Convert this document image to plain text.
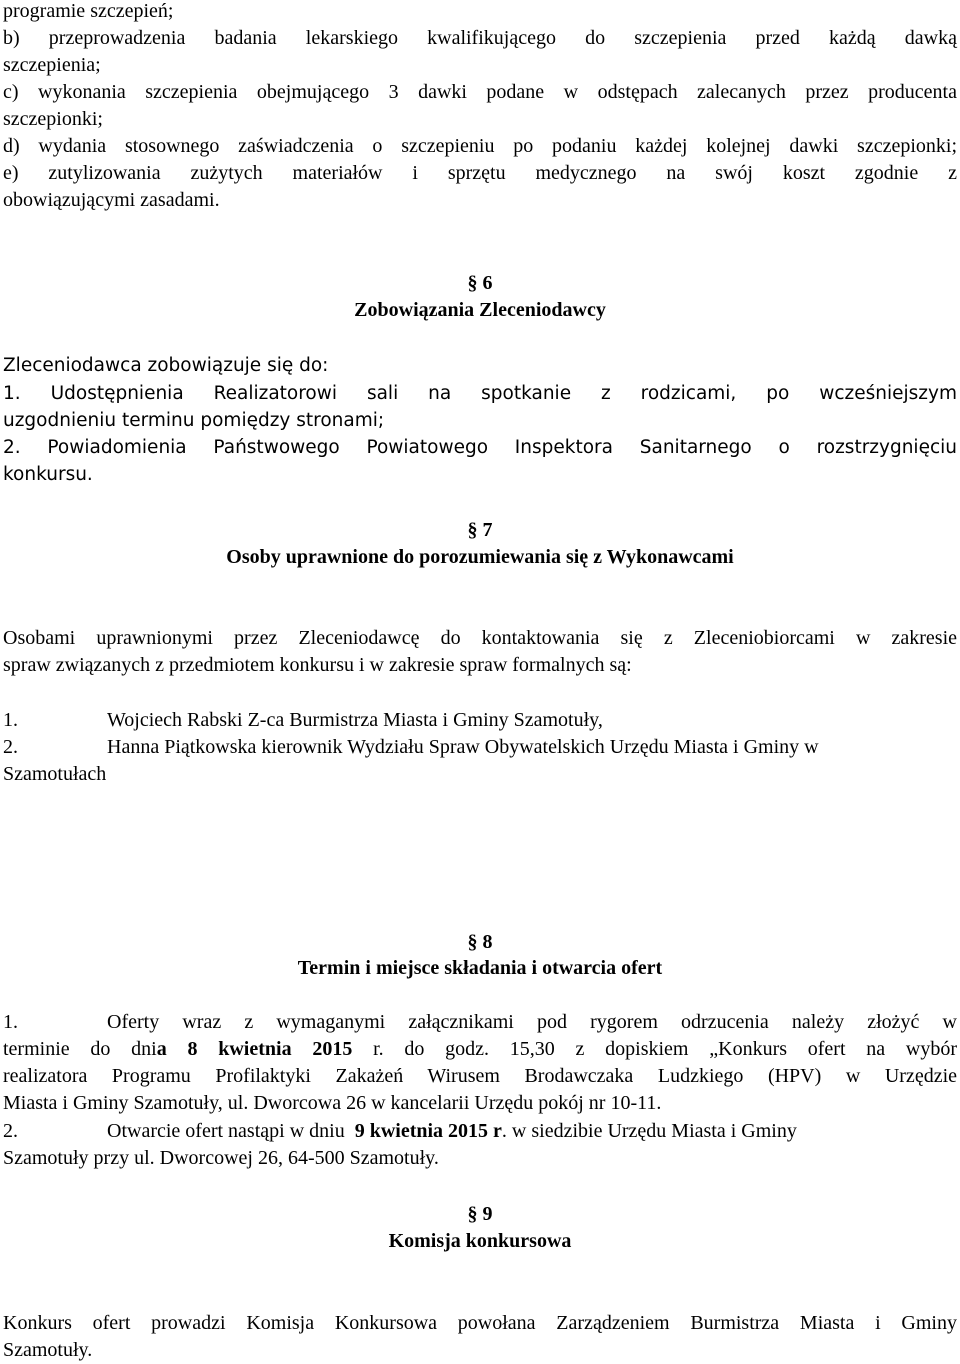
programie szczepień;
b) przeprowadzenia badania lekarskiego kwalifikującego do szczepienia przed każdą dawką
szczepienia;
c) wykonania szczepienia obejmującego 3 dawki podane w odstępach zalecanych przez producenta
szczepionki;
d) wydania stosownego zaświadczenia o szczepieniu po podaniu każdej kolejnej dawki szczepionki;
e) zutylizowania zużytych materiałów i sprzętu medycznego na swój koszt zgodnie z
obowiązującymi zasadami.
§ 6
Zobowiązania Zleceniodawcy
Zleceniodawca zobowiązuje się do:
1. Udostępnienia Realizatorowi sali na spotkanie z rodzicami, po wcześniejszym
uzgodnieniu terminu pomiędzy stronami;
2. Powiadomienia Państwowego Powiatowego Inspektora Sanitarnego o rozstrzygnięciu
konkursu.
§ 7
Osoby uprawnione do porozumiewania się z Wykonawcami
Osobami uprawnionymi przez Zleceniodawcę do kontaktowania się z Zleceniobiorcami w zakresie
spraw związanych z przedmiotem konkursu i w zakresie spraw formalnych są:
1.	Wojciech Rabski Z-ca Burmistrza Miasta i Gminy Szamotuły,
2.	Hanna Piątkowska kierownik Wydziału Spraw Obywatelskich Urzędu Miasta i Gminy w
Szamotułach
§ 8
Termin i miejsce składania i otwarcia ofert
1.	Oferty wraz z wymaganymi załącznikami pod rygorem odrzucenia należy złożyć w
terminie do dnia 8 kwietnia 2015 r. do godz. 15,30 z dopiskiem „Konkurs ofert na wybór
realizatora Programu Profilaktyki Zakażeń Wirusem Brodawczaka Ludzkiego (HPV) w Urzędzie
Miasta i Gminy Szamotuły, ul. Dworcowa 26 w kancelarii Urzędu pokój nr 10-11.
2.	Otwarcie ofert nastąpi w dniu  9 kwietnia 2015 r. w siedzibie Urzędu Miasta i Gminy
Szamotuły przy ul. Dworcowej 26, 64-500 Szamotuły.
§ 9
Komisja konkursowa
Konkurs ofert prowadzi Komisja Konkursowa powołana Zarządzeniem Burmistrza Miasta i Gminy
Szamotuły.
